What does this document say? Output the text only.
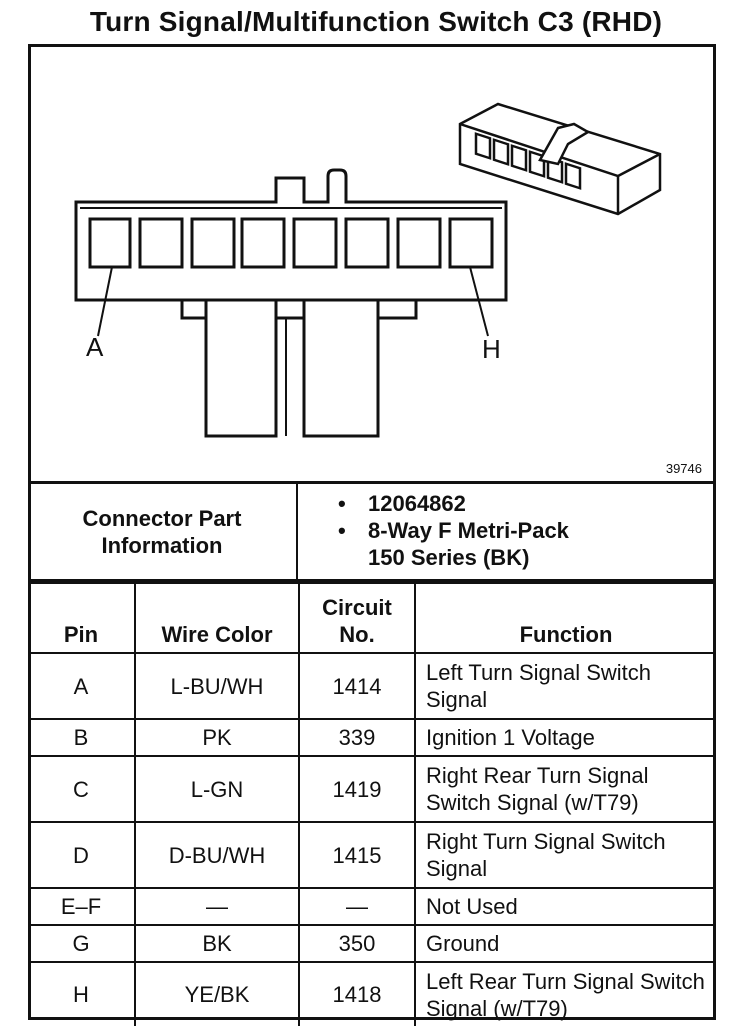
Turn Signal/Multifunction Switch C3 (RHD)
A	H
39746
Connector Part Information
• 12064862
• 8-Way F Metri-Pack 150 Series (BK)
Pin	Wire Color	Circuit No.	Function
A	L-BU/WH	1414	Left Turn Signal Switch Signal
B	PK	339	Ignition 1 Voltage
C	L-GN	1419	Right Rear Turn Signal Switch Signal (w/T79)
D	D-BU/WH	1415	Right Turn Signal Switch Signal
E–F	—	—	Not Used
G	BK	350	Ground
H	YE/BK	1418	Left Rear Turn Signal Switch Signal (w/T79)
